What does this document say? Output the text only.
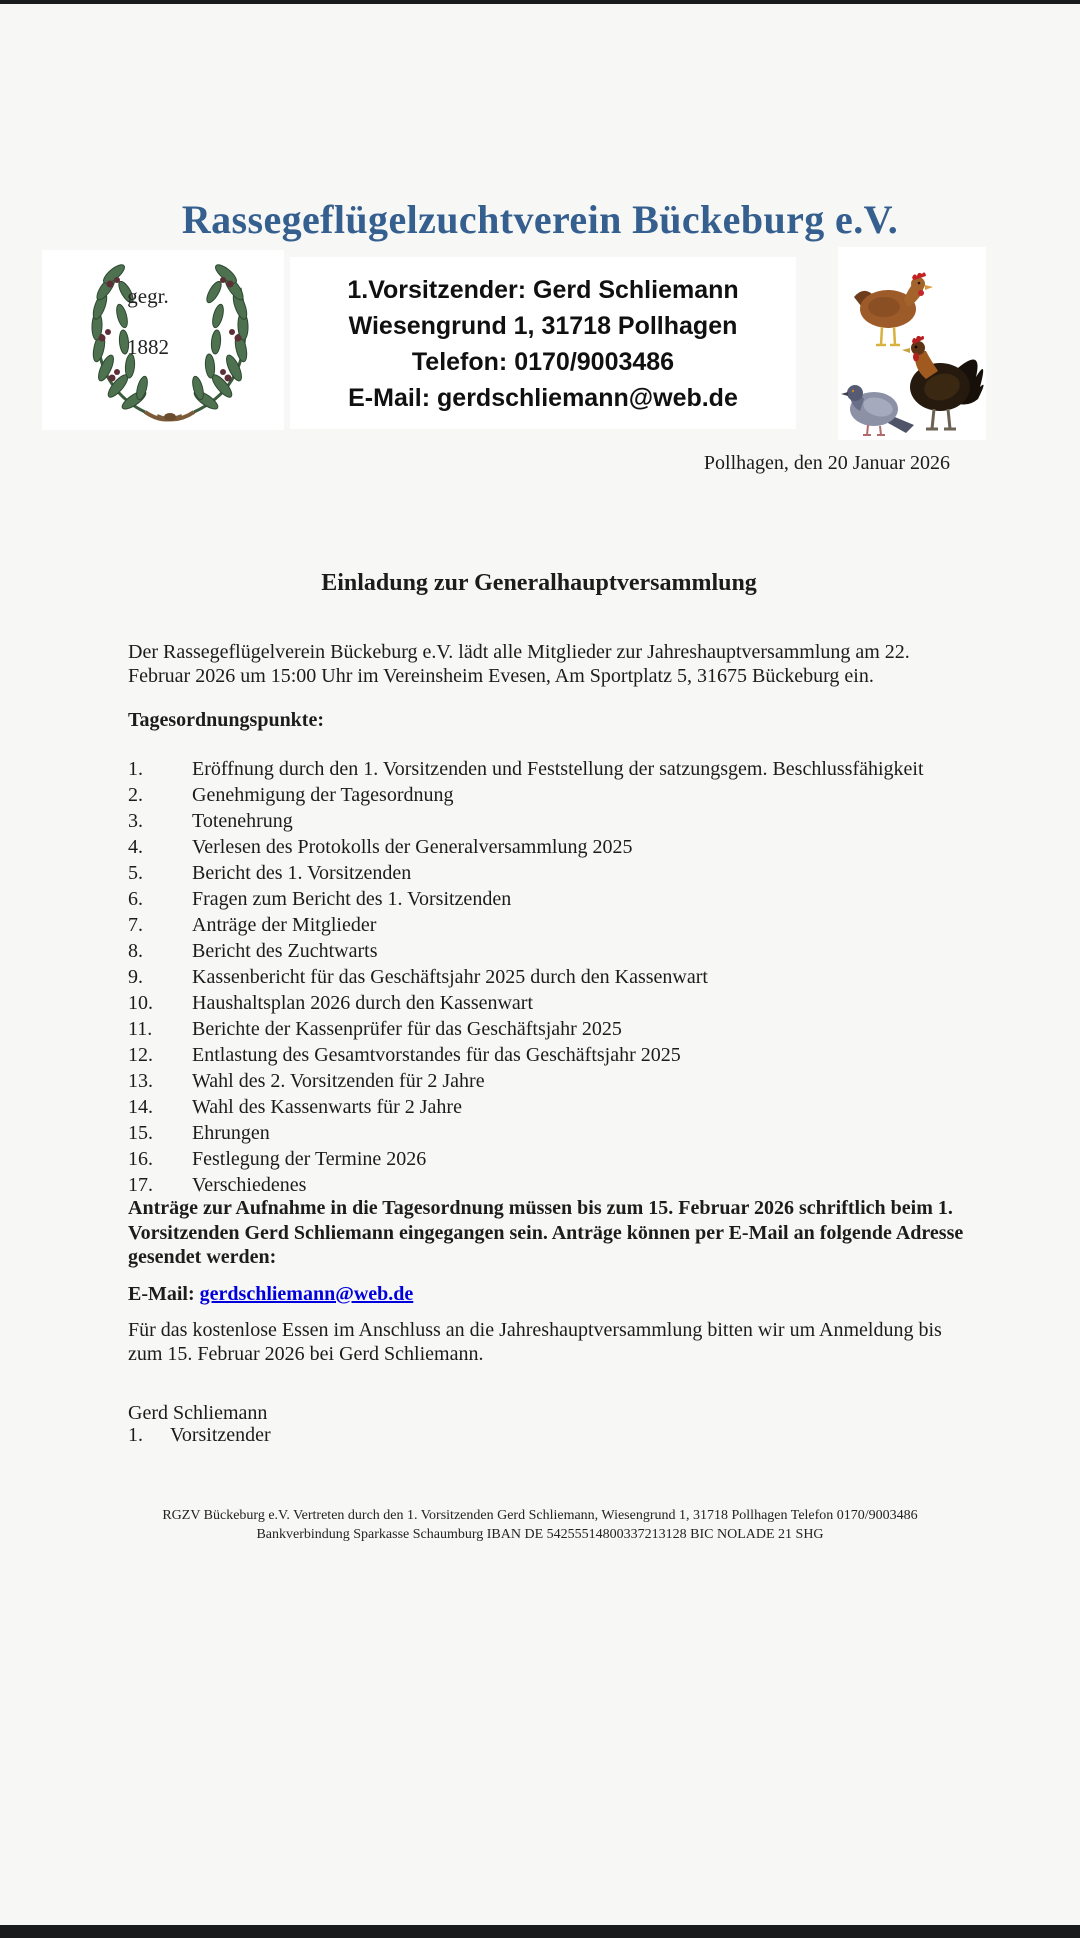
Rassegeflügelzuchtverein Bückeburg e.V.
gegr.
1882
1.Vorsitzender: Gerd Schliemann
Wiesengrund 1, 31718 Pollhagen
Telefon: 0170/9003486
E-Mail: gerdschliemann@web.de
Pollhagen, den 20 Januar 2026
Einladung zur Generalhauptversammlung

Der Rassegeflügelverein Bückeburg e.V. lädt alle Mitglieder zur Jahreshauptversammlung am 22. Februar 2026 um 15:00 Uhr im Vereinsheim Evesen, Am Sportplatz 5, 31675 Bückeburg ein.

Tagesordnungspunkte:

1.	Eröffnung durch den 1. Vorsitzenden und Feststellung der satzungsgem. Beschlussfähigkeit
2.	Genehmigung der Tagesordnung
3.	Totenehrung
4.	Verlesen des Protokolls der Generalversammlung 2025
5.	Bericht des 1. Vorsitzenden
6.	Fragen zum Bericht des 1. Vorsitzenden
7.	Anträge der Mitglieder
8.	Bericht des Zuchtwarts
9.	Kassenbericht für das Geschäftsjahr 2025 durch den Kassenwart
10.	Haushaltsplan 2026 durch den Kassenwart
11.	Berichte der Kassenprüfer für das Geschäftsjahr 2025
12.	Entlastung des Gesamtvorstandes für das Geschäftsjahr 2025
13.	Wahl des 2. Vorsitzenden für 2 Jahre
14.	Wahl des Kassenwarts für 2 Jahre
15.	Ehrungen
16.	Festlegung der Termine 2026
17.	Verschiedenes

Anträge zur Aufnahme in die Tagesordnung müssen bis zum 15. Februar 2026 schriftlich beim 1. Vorsitzenden Gerd Schliemann eingegangen sein. Anträge können per E-Mail an folgende Adresse gesendet werden:

E-Mail: gerdschliemann@web.de

Für das kostenlose Essen im Anschluss an die Jahreshauptversammlung bitten wir um Anmeldung bis zum 15. Februar 2026 bei Gerd Schliemann.

Gerd Schliemann
1. Vorsitzender
RGZV Bückeburg e.V. Vertreten durch den 1. Vorsitzenden Gerd Schliemann, Wiesengrund 1, 31718 Pollhagen Telefon 0170/9003486
Bankverbindung Sparkasse Schaumburg IBAN DE 54255514800337213128 BIC NOLADE 21 SHG
